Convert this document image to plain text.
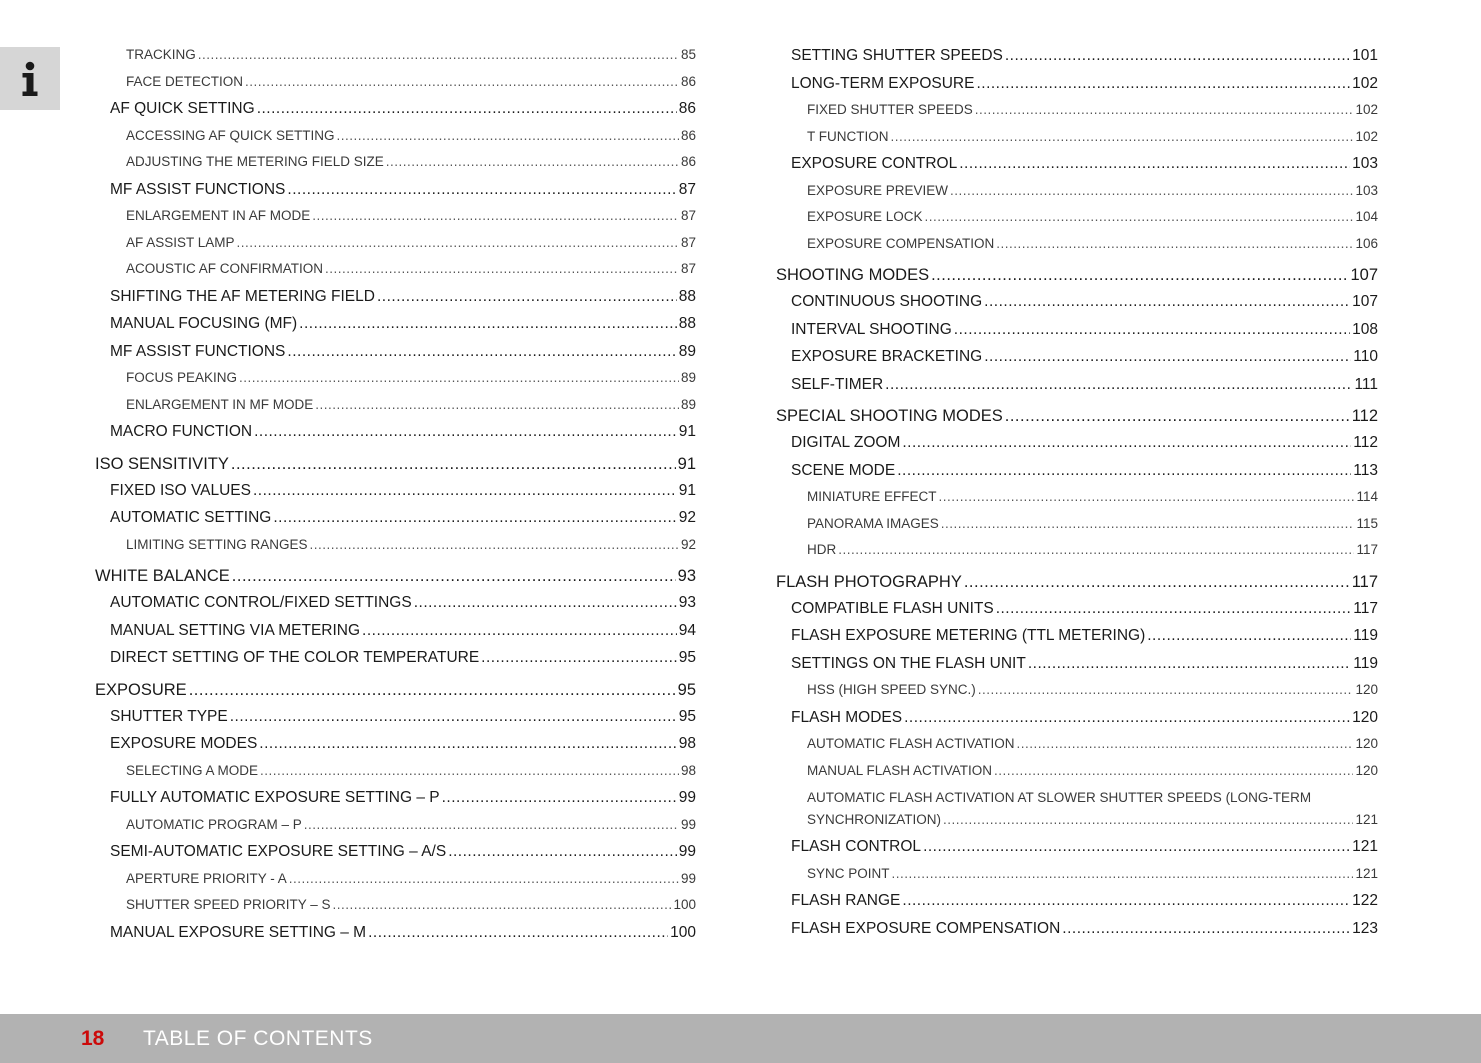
TRACKING .....	85
FACE DETECTION .....	86
AF QUICK SETTING .....	86
ACCESSING AF QUICK SETTING .....	86
ADJUSTING THE METERING FIELD SIZE .....	86
MF ASSIST FUNCTIONS .....	87
ENLARGEMENT IN AF MODE .....	87
AF ASSIST LAMP .....	87
ACOUSTIC AF CONFIRMATION .....	87
SHIFTING THE AF METERING FIELD .....	88
MANUAL FOCUSING (MF) .....	88
MF ASSIST FUNCTIONS .....	89
FOCUS PEAKING .....	89
ENLARGEMENT IN MF MODE .....	89
MACRO FUNCTION .....	91
ISO SENSITIVITY .....	91
FIXED ISO VALUES .....	91
AUTOMATIC SETTING .....	92
LIMITING SETTING RANGES .....	92
WHITE BALANCE .....	93
AUTOMATIC CONTROL/FIXED SETTINGS .....	93
MANUAL SETTING VIA METERING .....	94
DIRECT SETTING OF THE COLOR TEMPERATURE .....	95
EXPOSURE .....	95
SHUTTER TYPE .....	95
EXPOSURE MODES .....	98
SELECTING A MODE .....	98
FULLY AUTOMATIC EXPOSURE SETTING – P .....	99
AUTOMATIC PROGRAM – P .....	99
SEMI-AUTOMATIC EXPOSURE SETTING – A/S .....	99
APERTURE PRIORITY - A .....	99
SHUTTER SPEED PRIORITY – S .....	100
MANUAL EXPOSURE SETTING – M .....	100
SETTING SHUTTER SPEEDS .....	101
LONG-TERM EXPOSURE .....	102
FIXED SHUTTER SPEEDS .....	102
T FUNCTION .....	102
EXPOSURE CONTROL .....	103
EXPOSURE PREVIEW .....	103
EXPOSURE LOCK .....	104
EXPOSURE COMPENSATION .....	106
SHOOTING MODES .....	107
CONTINUOUS SHOOTING .....	107
INTERVAL SHOOTING .....	108
EXPOSURE BRACKETING .....	110
SELF-TIMER .....	111
SPECIAL SHOOTING MODES .....	112
DIGITAL ZOOM .....	112
SCENE MODE .....	113
MINIATURE EFFECT .....	114
PANORAMA IMAGES .....	115
HDR .....	117
FLASH PHOTOGRAPHY .....	117
COMPATIBLE FLASH UNITS .....	117
FLASH EXPOSURE METERING (TTL METERING) .....	119
SETTINGS ON THE FLASH UNIT .....	119
HSS (HIGH SPEED SYNC.) .....	120
FLASH MODES .....	120
AUTOMATIC FLASH ACTIVATION .....	120
MANUAL FLASH ACTIVATION .....	120
AUTOMATIC FLASH ACTIVATION AT SLOWER SHUTTER SPEEDS (LONG-TERM
SYNCHRONIZATION) .....	121
FLASH CONTROL .....	121
SYNC POINT .....	121
FLASH RANGE .....	122
FLASH EXPOSURE COMPENSATION .....	123
18 TABLE OF CONTENTS
